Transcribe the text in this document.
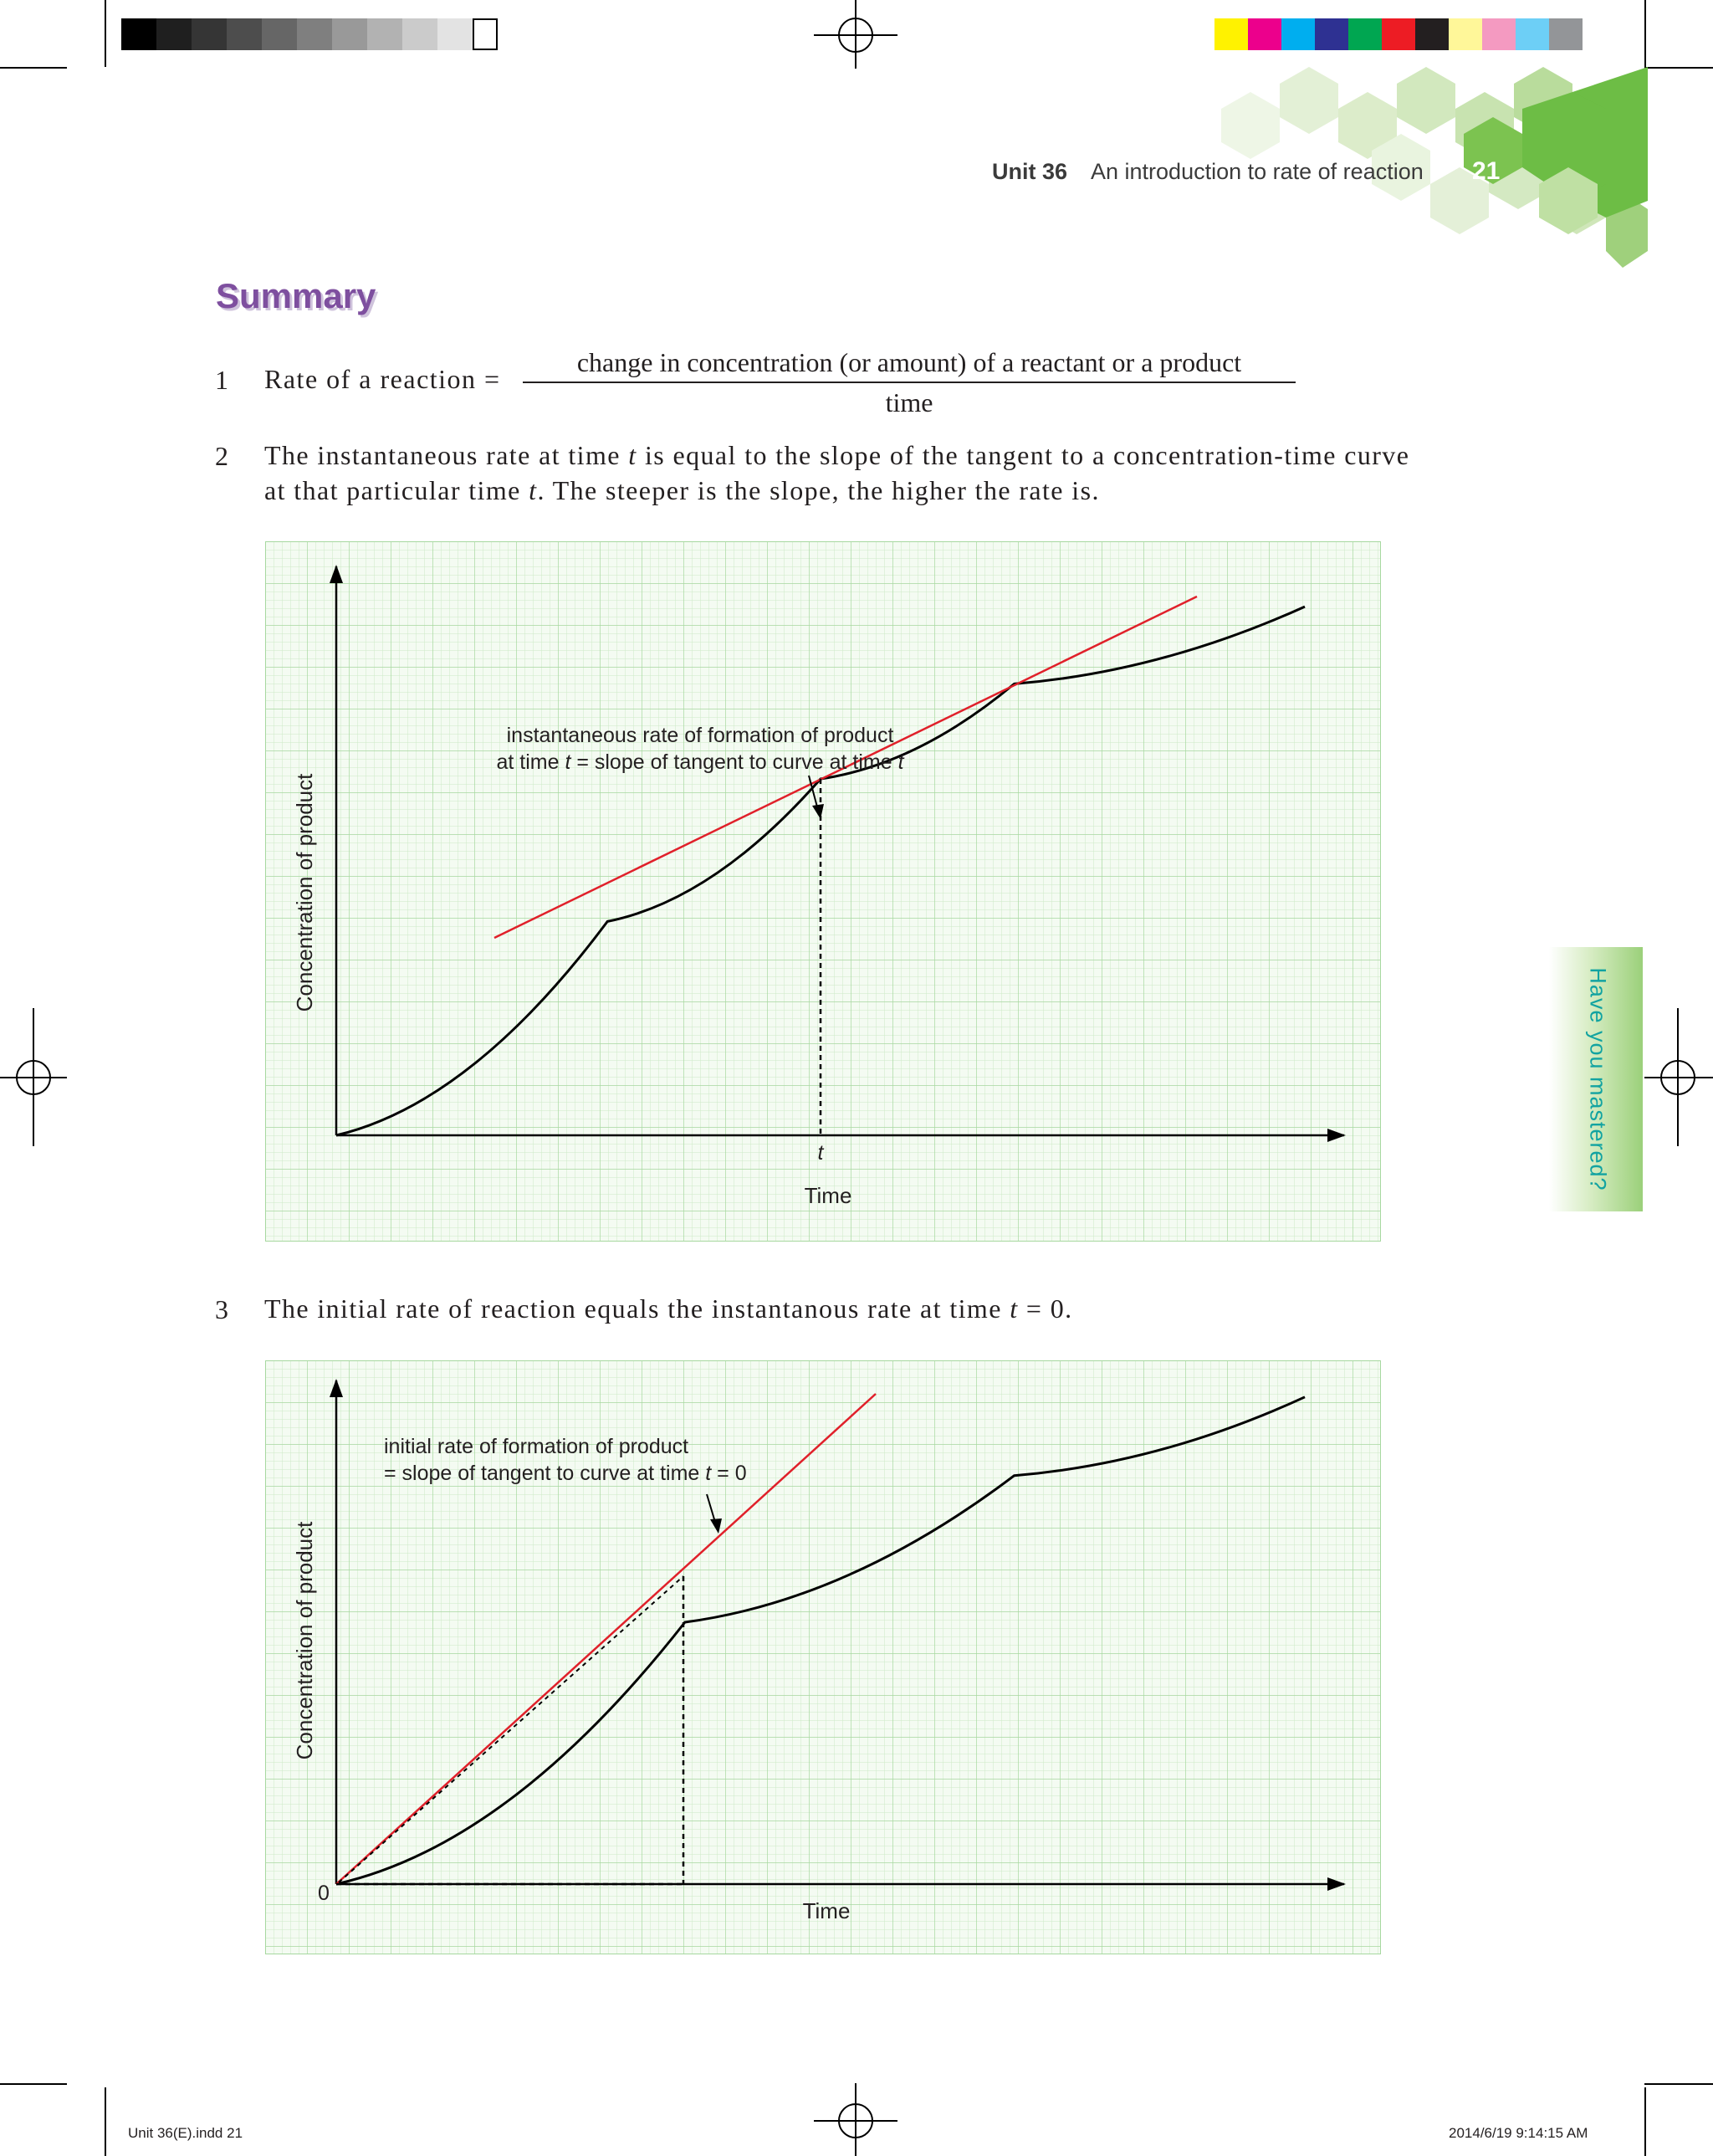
Unit 36 An introduction to rate of reaction 21
Summary
1 Rate of a reaction =
change in concentration (or amount) of a reactant or a product
time
2 The instantaneous rate at time t is equal to the slope of the tangent to a concentration-time curve
at that particular time t. The steeper is the slope, the higher the rate is.
instantaneous rate of formation of product
at time t = slope of tangent to curve at time t
t
Time
Concentration of product
3 The initial rate of reaction equals the instantanous rate at time t = 0.
initial rate of formation of product
= slope of tangent to curve at time t = 0
0
Time
Concentration of product
Have you mastered?
Unit 36(E).indd 21	2014/6/19 9:14:15 AM
